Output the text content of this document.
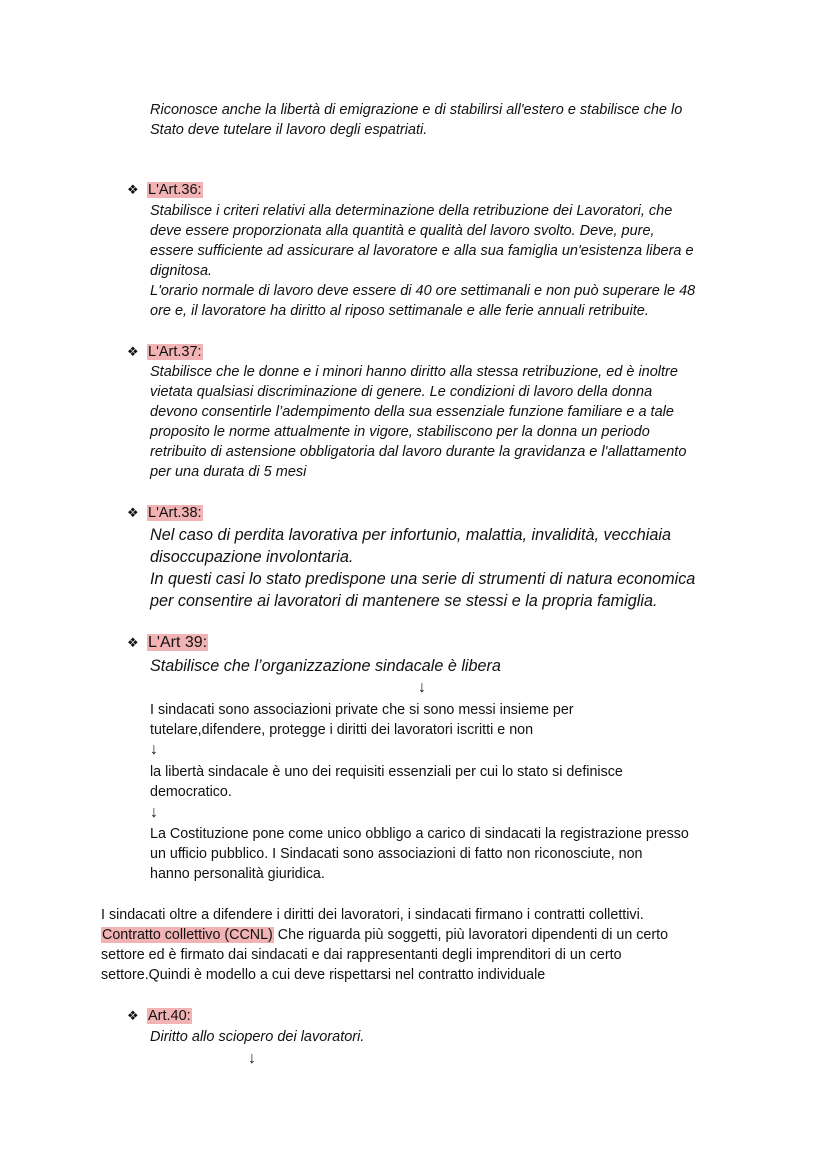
Riconosce anche la libertà di emigrazione e di stabilirsi all'estero e stabilisce che lo
Stato deve tutelare il lavoro degli espatriati.

❖ L'Art.36:

Stabilisce i criteri relativi alla determinazione della retribuzione dei Lavoratori, che
deve essere proporzionata alla quantità e qualità del lavoro svolto. Deve, pure,
essere sufficiente ad assicurare al lavoratore e alla sua famiglia un'esistenza libera e
dignitosa.
L'orario normale di lavoro deve essere di 40 ore settimanali e non può superare le 48
ore e, il lavoratore ha diritto al riposo settimanale e alle ferie annuali retribuite.

❖ L'Art.37:

Stabilisce che le donne e i minori hanno diritto alla stessa retribuzione, ed è inoltre
vietata qualsiasi discriminazione di genere. Le condizioni di lavoro della donna
devono consentirle l’adempimento della sua essenziale funzione familiare e a tale
proposito le norme attualmente in vigore, stabiliscono per la donna un periodo
retribuito di astensione obbligatoria dal lavoro durante la gravidanza e l'allattamento
per una durata di 5 mesi

❖ L'Art.38:

Nel caso di perdita lavorativa per infortunio, malattia, invalidità, vecchiaia
disoccupazione involontaria.
In questi casi lo stato predispone una serie di strumenti di natura economica
per consentire ai lavoratori di mantenere se stessi e la propria famiglia.

❖ L'Art 39:

Stabilisce che l’organizzazione sindacale è libera

↓

I sindacati sono associazioni private che si sono messi insieme per
tutelare,difendere, protegge i diritti dei lavoratori iscritti e non

↓

la libertà sindacale è uno dei requisiti essenziali per cui lo stato si definisce
democratico.

↓

La Costituzione pone come unico obbligo a carico di sindacati la registrazione presso
un ufficio pubblico. I Sindacati sono associazioni di fatto non riconosciute, non
hanno personalità giuridica.

I sindacati oltre a difendere i diritti dei lavoratori, i sindacati firmano i contratti collettivi.
Contratto collettivo (CCNL) Che riguarda più soggetti, più lavoratori dipendenti di un certo
settore ed è firmato dai sindacati e dai rappresentanti degli imprenditori di un certo
settore.Quindi è modello a cui deve rispettarsi nel contratto individuale

❖ Art.40:

Diritto allo sciopero dei lavoratori.

↓
